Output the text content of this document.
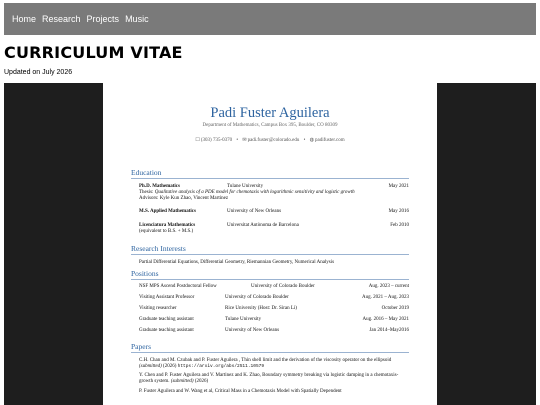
Home Research Projects Music
CURRICULUM VITAE
Updated on July 2026
Padi Fuster Aguilera
Department of Mathematics, Campus Box 395, Boulder, CO 80309
☐(303) 735-0370 • ✉padi.fuster@colorado.edu • ◍padifuster.com
Education
Ph.D. Mathematics	Tulane University	May 2021
Thesis: Qualitative analysis of a PDE model for chemotaxis with logarithmic sensitivity and logistic growth
Advisors: Kyle Kun Zhao, Vincent Martinez
M.S. Applied Mathematics	University of New Orleans	May 2016
Licenciatura Mathematics	Universitat Autònoma de Barcelona	Feb 2010
(equivalent to B.S. + M.S.)
Research Interests
Partial Differential Equations, Differential Geometry, Riemannian Geometry, Numerical Analysis
Positions
NSF MPS Ascend Postdoctoral Fellow	University of Colorado Boulder	Aug. 2023 – current
Visiting Assistant Professor	University of Colorado Boulder	Aug. 2021 – Aug. 2023
Visiting researcher	Rice University (Host: Dr. Siran Li)	October 2019
Graduate teaching assistant	Tulane University	Aug. 2016 – May 2021
Graduate teaching assistant	University of New Orleans	Jan 2014–May2016
Papers
C.H. Chan and M. Czubak and P. Fuster Aguilera , Thin shell limit and the derivation of the viscosity operator on the ellipsoid (submitted) (2026) https://arxiv.org/abs/2511.10579
Y. Chen and P. Fuster Aguilera and V. Martinez and K. Zhao, Boundary symmetry breaking via logistic damping in a chemotaxis-growth system. (submitted) (2026)
P. Fuster Aguilera and W. Wang et al, Critical Mass in a Chemotaxis Model with Spatially Dependent
